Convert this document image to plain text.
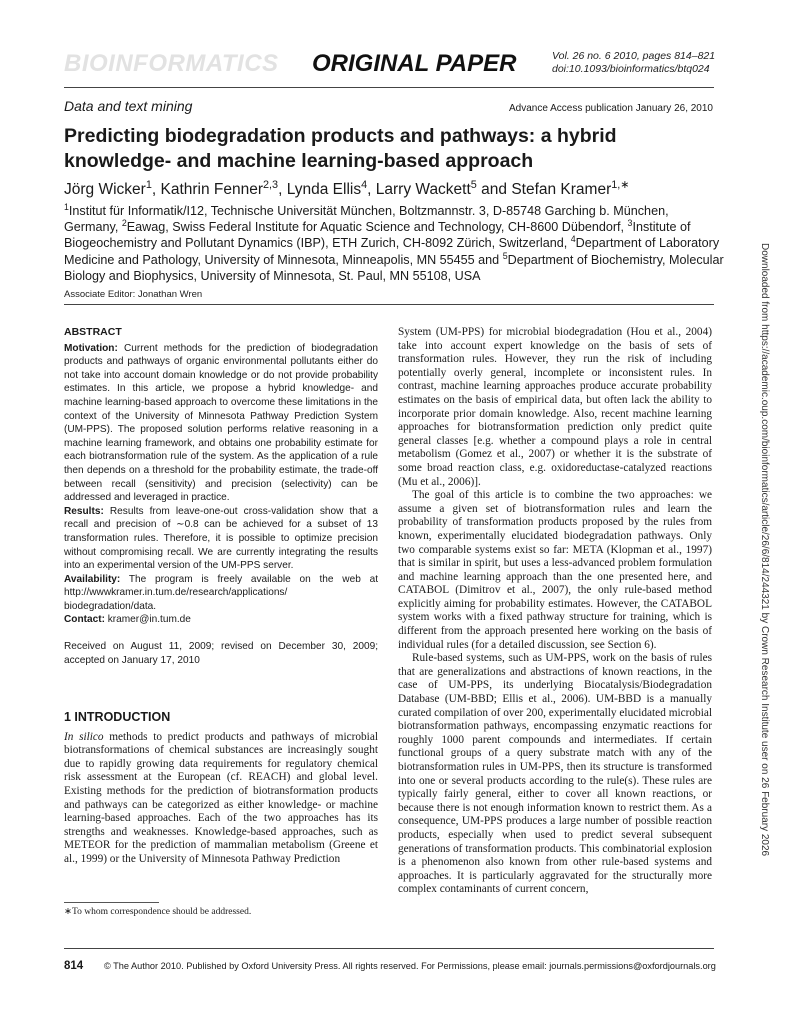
BIOINFORMATICS ORIGINAL PAPER	Vol. 26 no. 6 2010, pages 814–821
doi:10.1093/bioinformatics/btq024
Data and text mining	Advance Access publication January 26, 2010
Predicting biodegradation products and pathways: a hybrid
knowledge- and machine learning-based approach
Jörg Wicker$^1$, Kathrin Fenner$^{2,3}$, Lynda Ellis$^4$, Larry Wackett$^5$ and Stefan Kramer$^{1,∗}$
$^1$Institut für Informatik/I12, Technische Universität München, Boltzmannstr. 3, D-85748 Garching b. München, Germany, $^2$Eawag, Swiss Federal Institute for Aquatic Science and Technology, CH-8600 Dübendorf, $^3$Institute of Biogeochemistry and Pollutant Dynamics (IBP), ETH Zurich, CH-8092 Zürich, Switzerland, $^4$Department of Laboratory Medicine and Pathology, University of Minnesota, Minneapolis, MN 55455 and $^5$Department of Biochemistry, Molecular Biology and Biophysics, University of Minnesota, St. Paul, MN 55108, USA
Associate Editor: Jonathan Wren
ABSTRACT

Motivation: Current methods for the prediction of biodegradation products and pathways of organic environmental pollutants either do not take into account domain knowledge or do not provide probability estimates. In this article, we propose a hybrid knowledge- and machine learning-based approach to overcome these limitations in the context of the University of Minnesota Pathway Prediction System (UM-PPS). The proposed solution performs relative reasoning in a machine learning framework, and obtains one probability estimate for each biotransformation rule of the system. As the application of a rule then depends on a threshold for the probability estimate, the trade-off between recall (sensitivity) and precision (selectivity) can be addressed and leveraged in practice.

Results: Results from leave-one-out cross-validation show that a recall and precision of ∼0.8 can be achieved for a subset of 13 transformation rules. Therefore, it is possible to optimize precision without compromising recall. We are currently integrating the results into an experimental version of the UM-PPS server.

Availability: The program is freely available on the web at http://wwwkramer.in.tum.de/research/applications/ biodegradation/data.

Contact: kramer@in.tum.de

Received on August 11, 2009; revised on December 30, 2009; accepted on January 17, 2010

1 INTRODUCTION

In silico methods to predict products and pathways of microbial biotransformations of chemical substances are increasingly sought due to rapidly growing data requirements for regulatory chemical risk assessment at the European (cf. REACH) and global level. Existing methods for the prediction of biotransformation products and pathways can be categorized as either knowledge- or machine learning-based approaches. Each of the two approaches has its strengths and weaknesses. Knowledge-based approaches, such as METEOR for the prediction of mammalian metabolism (Greene et al., 1999) or the University of Minnesota Pathway Prediction

∗To whom correspondence should be addressed.

System (UM-PPS) for microbial biodegradation (Hou et al., 2004) take into account expert knowledge on the basis of sets of transformation rules. However, they run the risk of including potentially overly general, incomplete or inconsistent rules. In contrast, machine learning approaches produce accurate probability estimates on the basis of empirical data, but often lack the ability to incorporate prior domain knowledge. Also, recent machine learning approaches for biotransformation prediction only predict quite general classes [e.g. whether a compound plays a role in central metabolism (Gomez et al., 2007) or whether it is the substrate of some broad reaction class, e.g. oxidoreductase-catalyzed reactions (Mu et al., 2006)].

The goal of this article is to combine the two approaches: we assume a given set of biotransformation rules and learn the probability of transformation products proposed by the rules from known, experimentally elucidated biodegradation pathways. Only two comparable systems exist so far: META (Klopman et al., 1997) that is similar in spirit, but uses a less-advanced problem formulation and machine learning approach than the one presented here, and CATABOL (Dimitrov et al., 2007), the only rule-based method explicitly aiming for probability estimates. However, the CATABOL system works with a fixed pathway structure for training, which is different from the approach presented here working on the basis of individual rules (for a detailed discussion, see Section 6).

Rule-based systems, such as UM-PPS, work on the basis of rules that are generalizations and abstractions of known reactions, in the case of UM-PPS, its underlying Biocatalysis/Biodegradation Database (UM-BBD; Ellis et al., 2006). UM-BBD is a manually curated compilation of over 200, experimentally elucidated microbial biotransformation pathways, encompassing enzymatic reactions for roughly 1000 parent compounds and intermediates. If certain functional groups of a query substrate match with any of the biotransformation rules in UM-PPS, then its structure is transformed into one or several products according to the rule(s). These rules are typically fairly general, either to cover all known reactions, or because there is not enough information known to restrict them. As a consequence, UM-PPS produces a large number of possible reaction products, especially when used to predict several subsequent generations of transformation products. This combinatorial explosion is a phenomenon also known from other rule-based systems and approaches. It is particularly aggravated for the structurally more complex contaminants of current concern,

814 © The Author 2010. Published by Oxford University Press. All rights reserved. For Permissions, please email: journals.permissions@oxfordjournals.org
Downloaded from https://academic.oup.com/bioinformatics/article/26/6/814/244321 by Crown Research Institute user on 26 February 2026
